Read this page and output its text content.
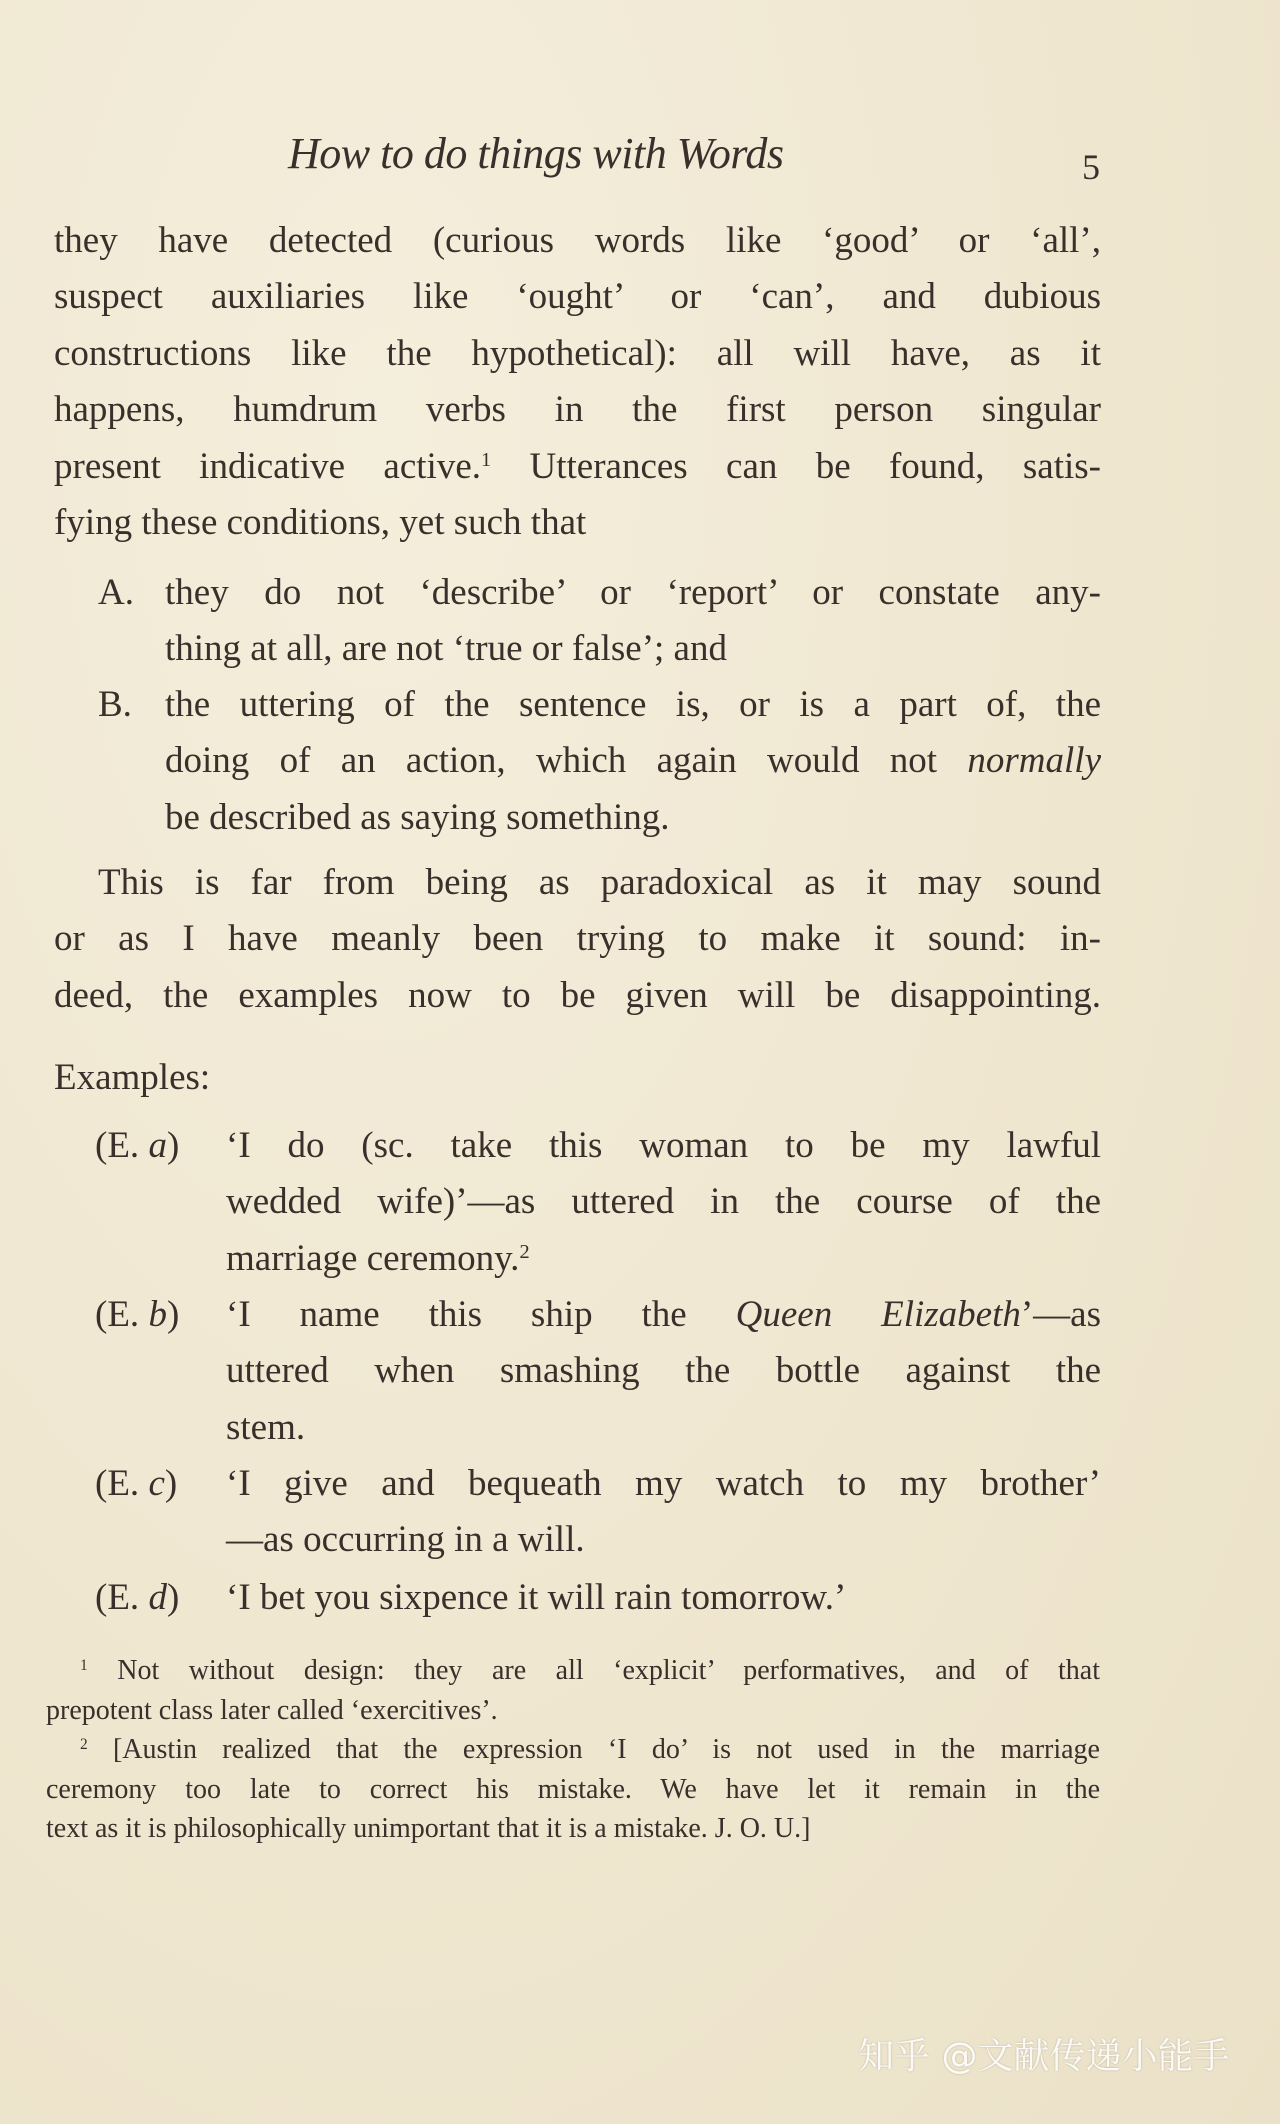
How to do things with Words	5
they have detected (curious words like ‘good’ or ‘all’,
suspect auxiliaries like ‘ought’ or ‘can’, and dubious
constructions like the hypothetical): all will have, as it
happens, humdrum verbs in the first person singular
present indicative active.$^1$ Utterances can be found, satis-
fying these conditions, yet such that
A. they do not ‘describe’ or ‘report’ or constate any-
thing at all, are not ‘true or false’; and
B. the uttering of the sentence is, or is a part of, the
doing of an action, which again would not normally
be described as saying something.
This is far from being as paradoxical as it may sound
or as I have meanly been trying to make it sound: in-
deed, the examples now to be given will be disappointing.
Examples:
(E. a) ‘I do (sc. take this woman to be my lawful
wedded wife)’—as uttered in the course of the
marriage ceremony.$^2$
(E. b) ‘I name this ship the Queen Elizabeth’—as
uttered when smashing the bottle against the
stem.
(E. c) ‘I give and bequeath my watch to my brother’
—as occurring in a will.
(E. d) ‘I bet you sixpence it will rain tomorrow.’
$^1$ Not without design: they are all ‘explicit’ performatives, and of that
prepotent class later called ‘exercitives’.
$^2$ [Austin realized that the expression ‘I do’ is not used in the marriage
ceremony too late to correct his mistake. We have let it remain in the
text as it is philosophically unimportant that it is a mistake. J. O. U.]
知乎 @文献传递小能手
